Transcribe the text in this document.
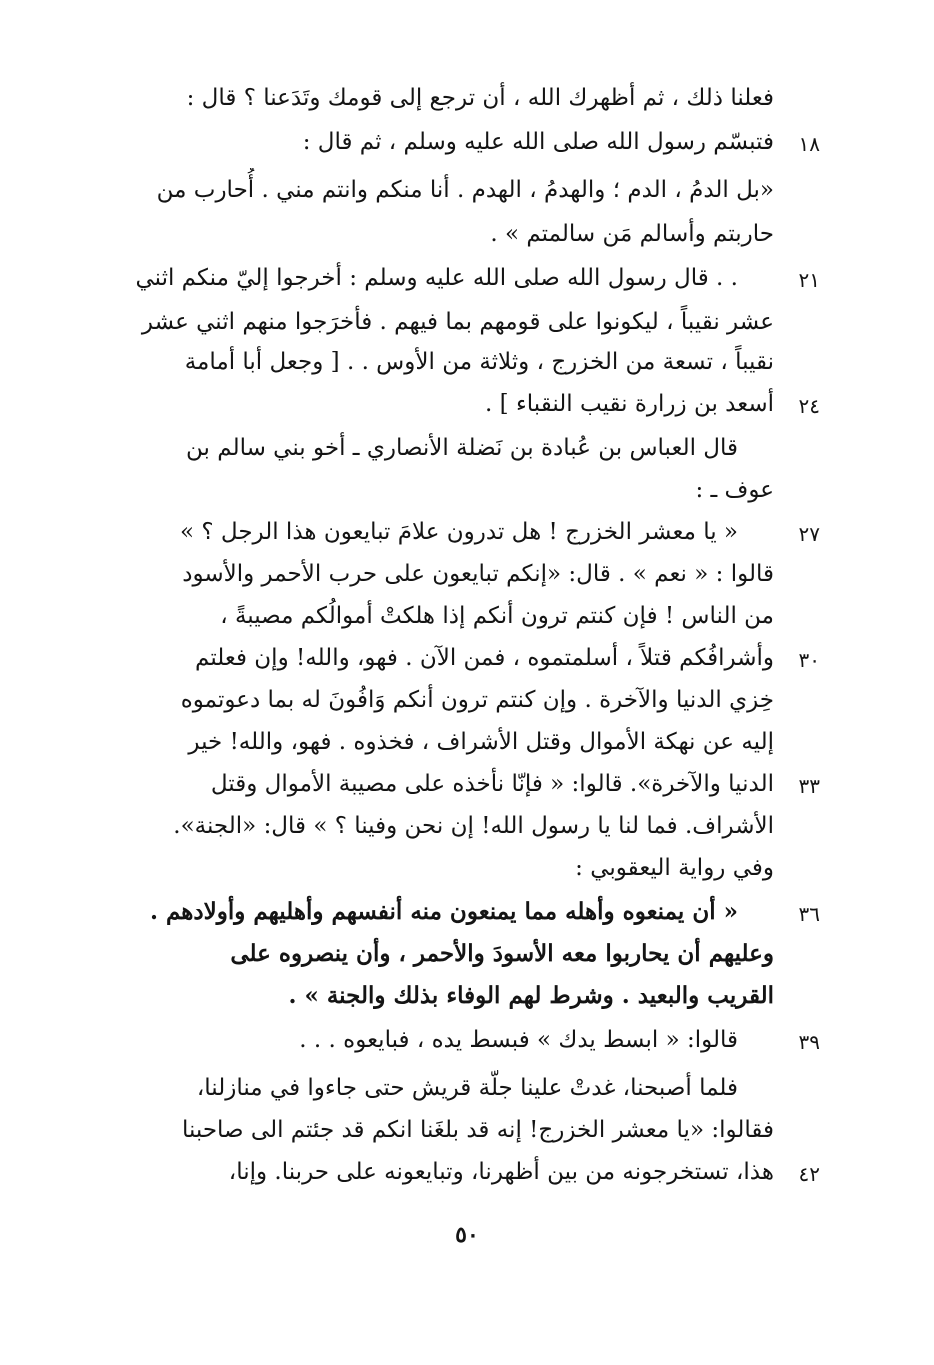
فعلنا ذلك ، ثم أظهرك الله ، أن ترجع إلى قومك وتَدَعنا ؟ قال :
١٨
فتبسّم رسول الله صلى الله عليه وسلم ، ثم قال :
«بل الدمُ ، الدم ؛ والهدمُ ، الهدم . أنا منكم وانتم مني . أُحارب من
حاربتم وأسالم مَن سالمتم » .
٢١
. . قال رسول الله صلى الله عليه وسلم : أخرجوا إليّ منكم اثني
عشر نقيباً ، ليكونوا على قومهم بما فيهم . فأخرَجوا منهم اثني عشر
نقيباً ، تسعة من الخزرج ، وثلاثة من الأوس . . [ وجعل أبا أمامة
٢٤
أسعد بن زرارة نقيب النقباء ] .
قال العباس بن عُبادة بن نَضلة الأنصاري ـ أخو بني سالم بن
عوف ـ :
٢٧
« يا معشر الخزرج ! هل تدرون علامَ تبايعون هذا الرجل ؟ »
قالوا : « نعم » . قال: «إنكم تبايعون على حرب الأحمر والأسود
من الناس ! فإن كنتم ترون أنكم إذا هلكتْ أموالُكم مصيبةً ،
٣٠
وأشرافُكم قتلاً ، أسلمتموه ، فمن الآن . فهو، والله! وإن فعلتم
خِزي الدنيا والآخرة . وإن كنتم ترون أنكم وَافُونَ له بما دعوتموه
إليه عن نهكة الأموال وقتل الأشراف ، فخذوه . فهو، والله! خير
٣٣
الدنيا والآخرة». قالوا: « فإنّا نأخذه على مصيبة الأموال وقتل
الأشراف. فما لنا يا رسول الله! إن نحن وفينا ؟ » قال: «الجنة».
وفي رواية اليعقوبي :
٣٦
« أن يمنعوه وأهله مما يمنعون منه أنفسهم وأهليهم وأولادهم .
وعليهم أن يحاربوا معه الأسودَ والأحمر ، وأن ينصروه على
القريب والبعيد . وشرط لهم الوفاء بذلك والجنة » .
٣٩
قالوا: « ابسط يدك » فبسط يده ، فبايعوه . . .
فلما أصبحنا، غدتْ علينا جلّة قريش حتى جاءوا في منازلنا،
فقالوا: «يا معشر الخزرج! إنه قد بلغَنا انكم قد جئتم الى صاحبنا
٤٢
هذا، تستخرجونه من بين أظهرنا، وتبايعونه على حربنا. وإنا،
٥٠
